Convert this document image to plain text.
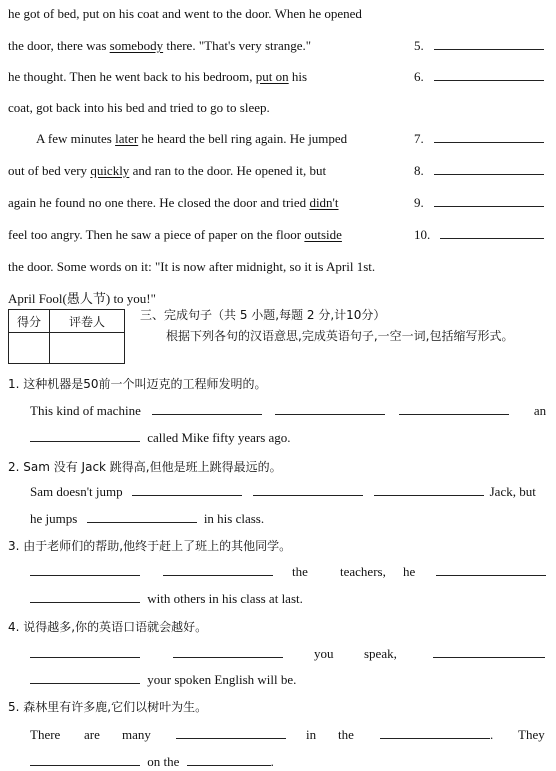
he got of bed, put on his coat and went to the door. When he opened
the door, there was somebody there. "That's very strange."	5.
he thought. Then he went back to his bedroom, put on his	6.
coat, got back into his bed and tried to go to sleep.
A few minutes later he heard the bell ring again. He jumped	7.
out of bed very quickly and ran to the door. He opened it, but	8.
again he found no one there. He closed the door and tried didn't	9.
feel too angry. Then he saw a piece of paper on the floor outside	10.
the door. Some words on it: "It is now after midnight, so it is April 1st.
April Fool(愚人节) to you!"
得分	评卷人
		三、完成句子（共 5 小题,每题 2 分,计10分）
根据下列各句的汉语意思,完成英语句子,一空一词,包括缩写形式。
1. 这种机器是50前一个叫迈克的工程师发明的。
This kind of machine	an
called Mike fifty years ago.
2. Sam 没有 Jack 跳得高,但他是班上跳得最远的。
Sam doesn't jump	Jack, but
he jumps	in his class.
3. 由于老师们的帮助,他终于赶上了班上的其他同学。

the teachers, he
with others in his class at last.
4. 说得越多,你的英语口语就会越好。

you speak,
your spoken English will be.
5. 森林里有许多鹿,它们以树叶为生。
There are many	in the	. They
on the	.
